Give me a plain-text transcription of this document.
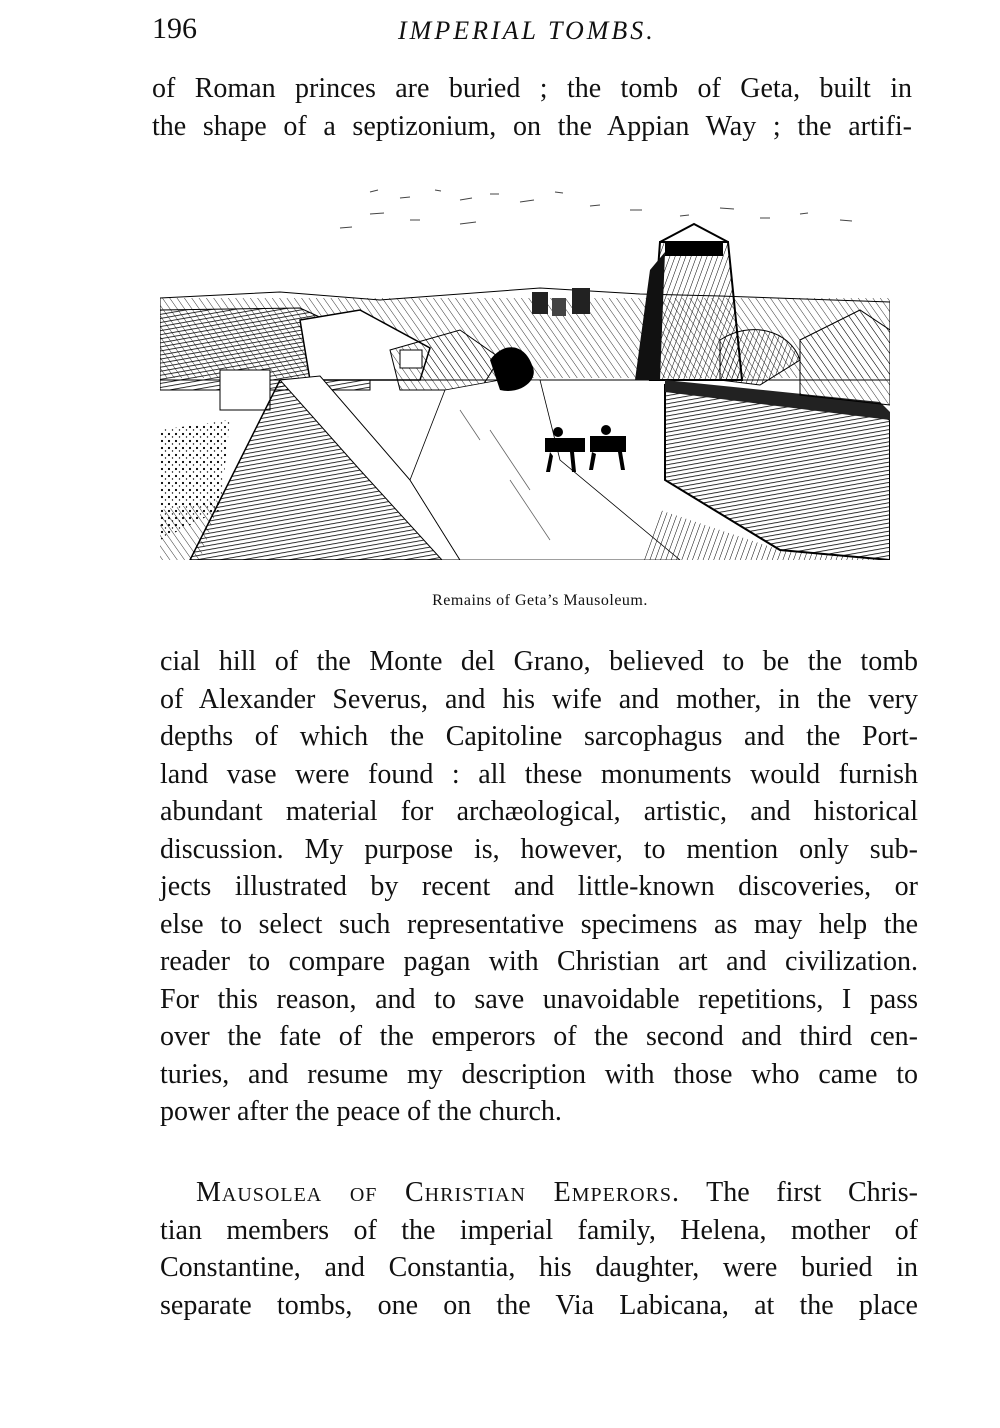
196	IMPERIAL TOMBS.
of Roman princes are buried ; the tomb of Geta, built in
the shape of a septizonium, on the Appian Way ; the artifi-
Remains of Geta’s Mausoleum.
cial hill of the Monte del Grano, believed to be the tomb
of Alexander Severus, and his wife and mother, in the very
depths of which the Capitoline sarcophagus and the Port-
land vase were found : all these monuments would furnish
abundant material for archæological, artistic, and historical
discussion. My purpose is, however, to mention only sub-
jects illustrated by recent and little-known discoveries, or
else to select such representative specimens as may help the
reader to compare pagan with Christian art and civilization.
For this reason, and to save unavoidable repetitions, I pass
over the fate of the emperors of the second and third cen-
turies, and resume my description with those who came to
power after the peace of the church.
Mausolea of Christian Emperors. The first Chris-
tian members of the imperial family, Helena, mother of
Constantine, and Constantia, his daughter, were buried in
separate tombs, one on the Via Labicana, at the place
